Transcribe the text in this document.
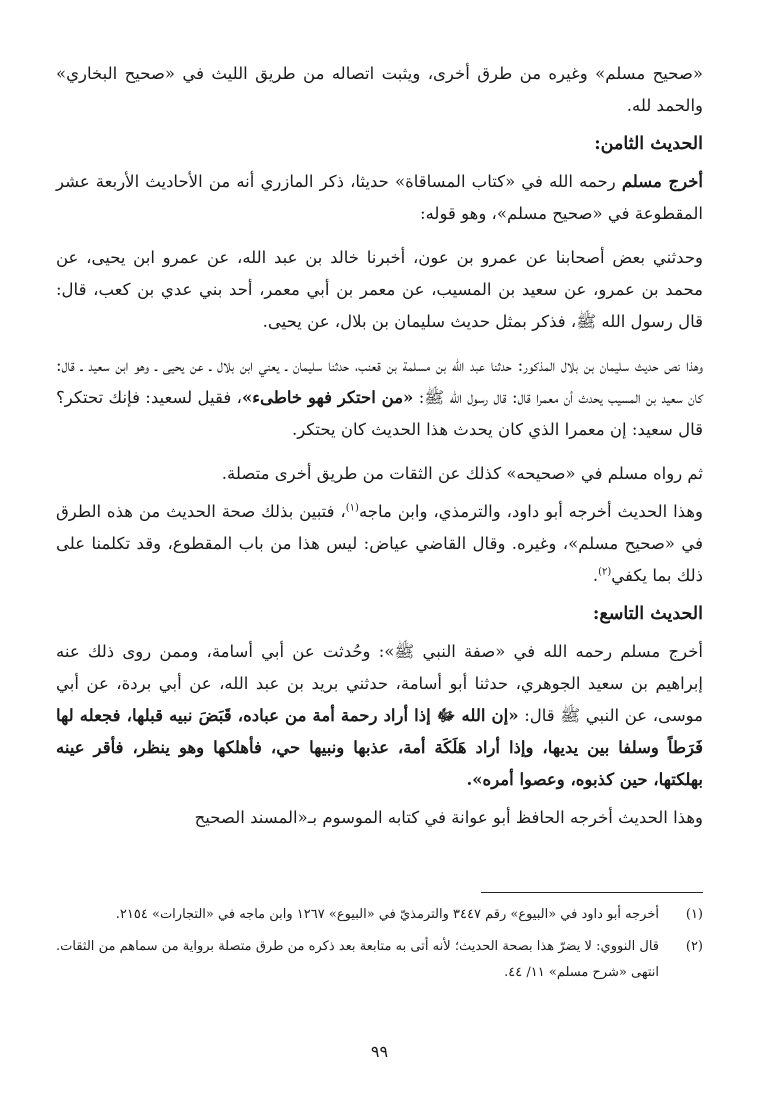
«صحيح مسلم» وغيره من طرق أخرى، ويثبت اتصاله من طريق الليث في «صحيح البخاري» والحمد لله.

الحديث الثامن:

أخرج مسلم رحمه الله في «كتاب المساقاة» حديثا، ذكر المازري أنه من الأحاديث الأربعة عشر المقطوعة في «صحيح مسلم»، وهو قوله:

وحدثني بعض أصحابنا عن عمرو بن عون، أخبرنا خالد بن عبد الله، عن عمرو ابن يحيى، عن محمد بن عمرو، عن سعيد بن المسيب، عن معمر بن أبي معمر، أحد بني عدي بن كعب، قال: قال رسول الله ﷺ، فذكر بمثل حديث سليمان بن بلال، عن يحيى.

وهذا نص حديث سليمان بن بلال المذكور: حدثنا عبد الله بن مسلمة بن قعنب، حدثنا سليمان ـ يعني ابن بلال ـ عن يحيى ـ وهو ابن سعيد ـ قال: كان سعيد بن المسيب يحدث أن معمرا قال: قال رسول الله ﷺ: «من احتكر فهو خاطىء»، فقيل لسعيد: فإنك تحتكر؟ قال سعيد: إن معمرا الذي كان يحدث هذا الحديث كان يحتكر.

ثم رواه مسلم في «صحيحه» كذلك عن الثقات من طريق أخرى متصلة.

وهذا الحديث أخرجه أبو داود، والترمذي، وابن ماجه$^{(١)}$، فتبين بذلك صحة الحديث من هذه الطرق في «صحيح مسلم»، وغيره. وقال القاضي عياض: ليس هذا من باب المقطوع، وقد تكلمنا على ذلك بما يكفي$^{(٢)}$.

الحديث التاسع:

أخرج مسلم رحمه الله في «صفة النبي ﷺ»: وحُدثت عن أبي أسامة، وممن روى ذلك عنه إبراهيم بن سعيد الجوهري، حدثنا أبو أسامة، حدثني بريد بن عبد الله، عن أبي بردة، عن أبي موسى، عن النبي ﷺ قال: «إن الله ﷻ إذا أراد رحمة أمة من عباده، قَبَضَ نبيه قبلها، فجعله لها فَرَطاً وسلفا بين يديها، وإذا أراد هَلَكَة أمة، عذبها ونبيها حي، فأهلكها وهو ينظر، فأقر عينه بهلكتها، حين كذبوه، وعصوا أمره».

وهذا الحديث أخرجه الحافظ أبو عوانة في كتابه الموسوم بـ«المسند الصحيح

(١)
أخرجه أبو داود في «البيوع» رقم ٣٤٤٧ والترمذيّ في «البيوع» ١٢٦٧ وابن ماجه في «التجارات» ٢١٥٤.
(٢)
قال النووي: لا يضرّ هذا بصحة الحديث؛ لأنه أتى به متابعة بعد ذكره من طرق متصلة برواية من سماهم من الثقات. انتهى «شرح مسلم» ١١/ ٤٤.
٩٩
